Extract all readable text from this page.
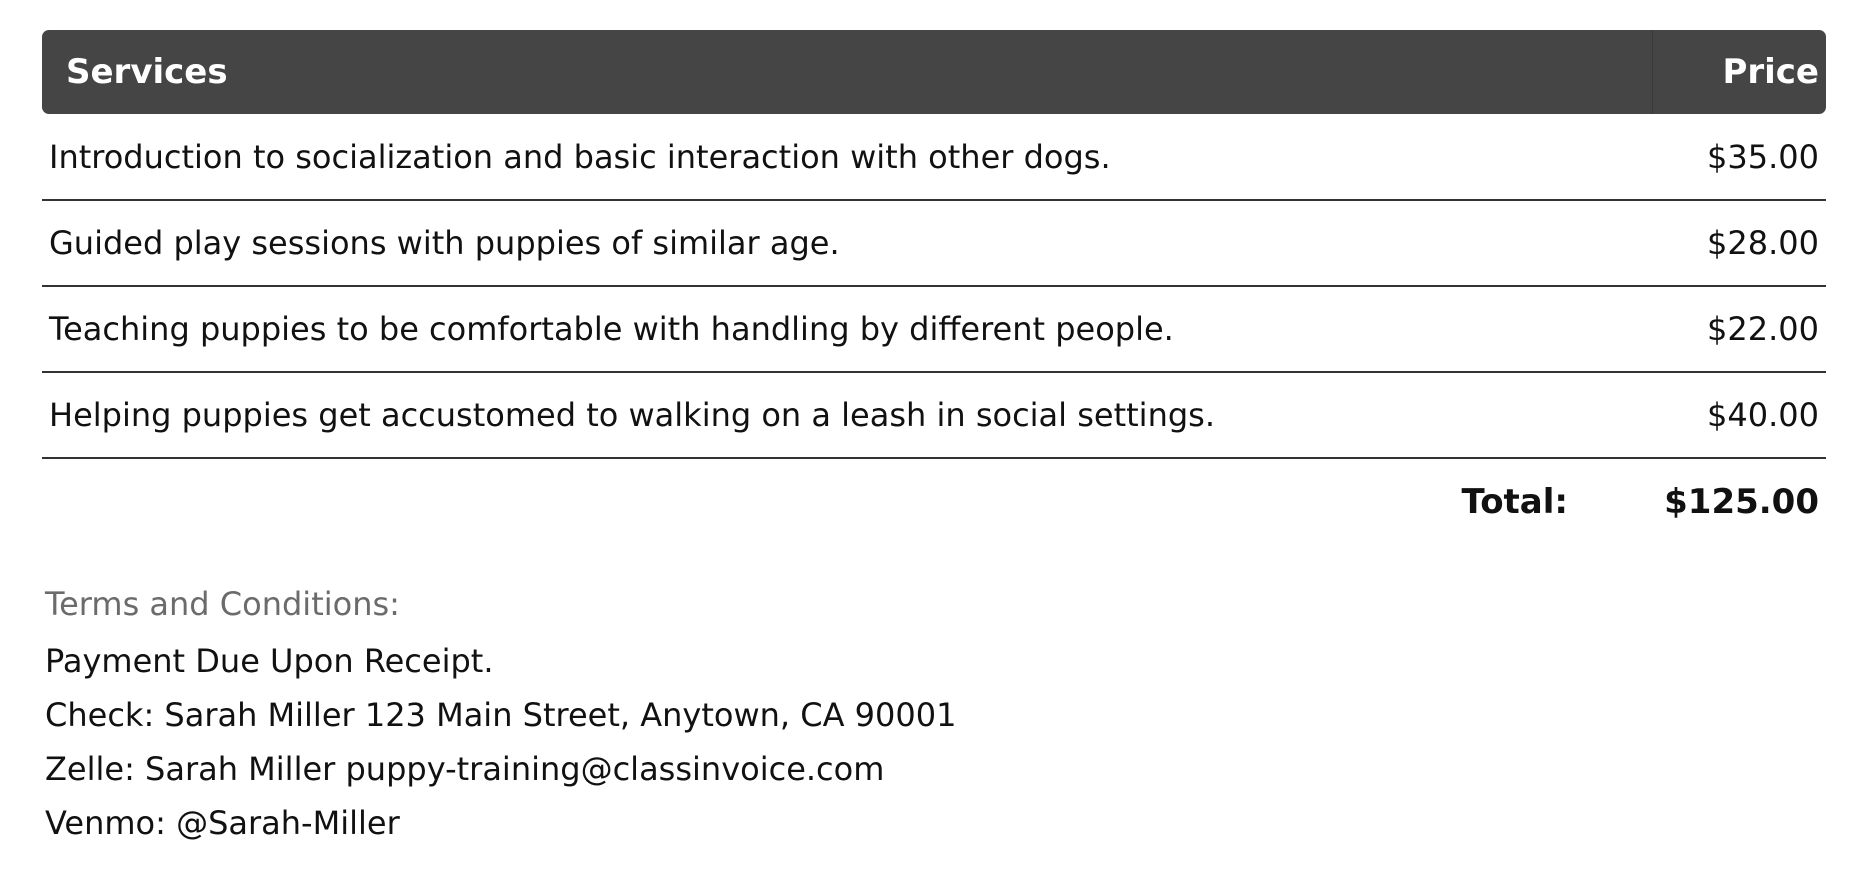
Services	Price
Introduction to socialization and basic interaction with other dogs.	$35.00
Guided play sessions with puppies of similar age.	$28.00
Teaching puppies to be comfortable with handling by different people.	$22.00
Helping puppies get accustomed to walking on a leash in social settings.	$40.00
Total:	$125.00
Terms and Conditions:
Payment Due Upon Receipt.
Check: Sarah Miller 123 Main Street, Anytown, CA 90001
Zelle: Sarah Miller puppy-training@classinvoice.com
Venmo: @Sarah-Miller
